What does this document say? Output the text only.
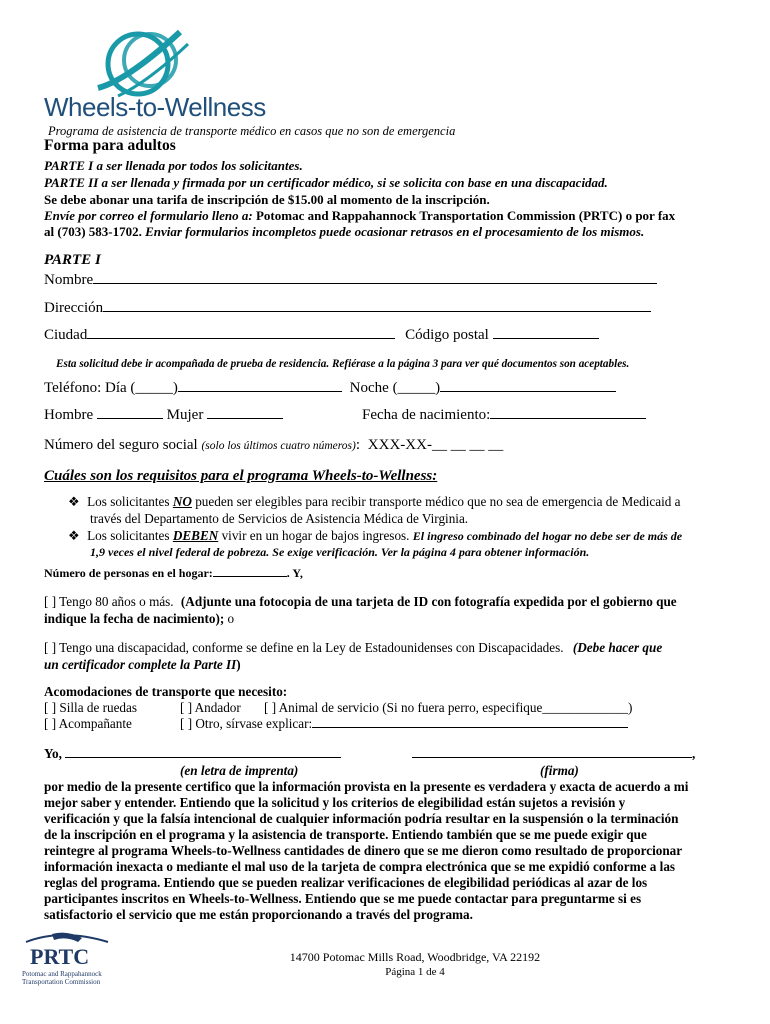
Wheels-to-Wellness
Programa de asistencia de transporte médico en casos que no son de emergencia
Forma para adultos
PARTE I a ser llenada por todos los solicitantes.
PARTE II a ser llenada y firmada por un certificador médico, si se solicita con base en una discapacidad.
Se debe abonar una tarifa de inscripción de $15.00 al momento de la inscripción.
Envíe por correo el formulario lleno a: Potomac and Rappahannock Transportation Commission (PRTC) o por fax
al (703) 583-1702. Enviar formularios incompletos puede ocasionar retrasos en el procesamiento de los mismos.
PARTE I
Nombre
Dirección
Ciudad	Código postal
Esta solicitud debe ir acompañada de prueba de residencia. Refiérase a la página 3 para ver qué documentos son aceptables.
Teléfono: Día (_____)	Noche (_____)
Hombre	Mujer	Fecha de nacimiento:
Número del seguro social (solo los últimos cuatro números): XXX-XX-__ __ __ __
Cuáles son los requisitos para el programa Wheels-to-Wellness:
❖ Los solicitantes NO pueden ser elegibles para recibir transporte médico que no sea de emergencia de Medicaid a
través del Departamento de Servicios de Asistencia Médica de Virginia.
❖ Los solicitantes DEBEN vivir en un hogar de bajos ingresos. El ingreso combinado del hogar no debe ser de más de
1,9 veces el nivel federal de pobreza. Se exige verificación. Ver la página 4 para obtener información.
Número de personas en el hogar:	. Y,
[ ] Tengo 80 años o más. (Adjunte una fotocopia de una tarjeta de ID con fotografía expedida por el gobierno que
indique la fecha de nacimiento); o
[ ] Tengo una discapacidad, conforme se define en la Ley de Estadounidenses con Discapacidades. (Debe hacer que
un certificador complete la Parte II)
Acomodaciones de transporte que necesito:
[ ] Silla de ruedas	[ ] Andador [ ] Animal de servicio (Si no fuera perro, especifique_____________)
[ ] Acompañante	[ ] Otro, sírvase explicar:
Yo,	,
(en letra de imprenta)	(firma)
por medio de la presente certifico que la información provista en la presente es verdadera y exacta de acuerdo a mi
mejor saber y entender. Entiendo que la solicitud y los criterios de elegibilidad están sujetos a revisión y
verificación y que la falsía intencional de cualquier información podría resultar en la suspensión o la terminación
de la inscripción en el programa y la asistencia de transporte. Entiendo también que se me puede exigir que
reintegre al programa Wheels-to-Wellness cantidades de dinero que se me dieron como resultado de proporcionar
información inexacta o mediante el mal uso de la tarjeta de compra electrónica que se me expidió conforme a las
reglas del programa. Entiendo que se pueden realizar verificaciones de elegibilidad periódicas al azar de los
participantes inscritos en Wheels-to-Wellness. Entiendo que se me puede contactar para preguntarme si es
satisfactorio el servicio que me están proporcionando a través del programa.
PRTC
Potomac and Rappahannock
Transportation Commission
14700 Potomac Mills Road, Woodbridge, VA 22192
Página 1 de 4
